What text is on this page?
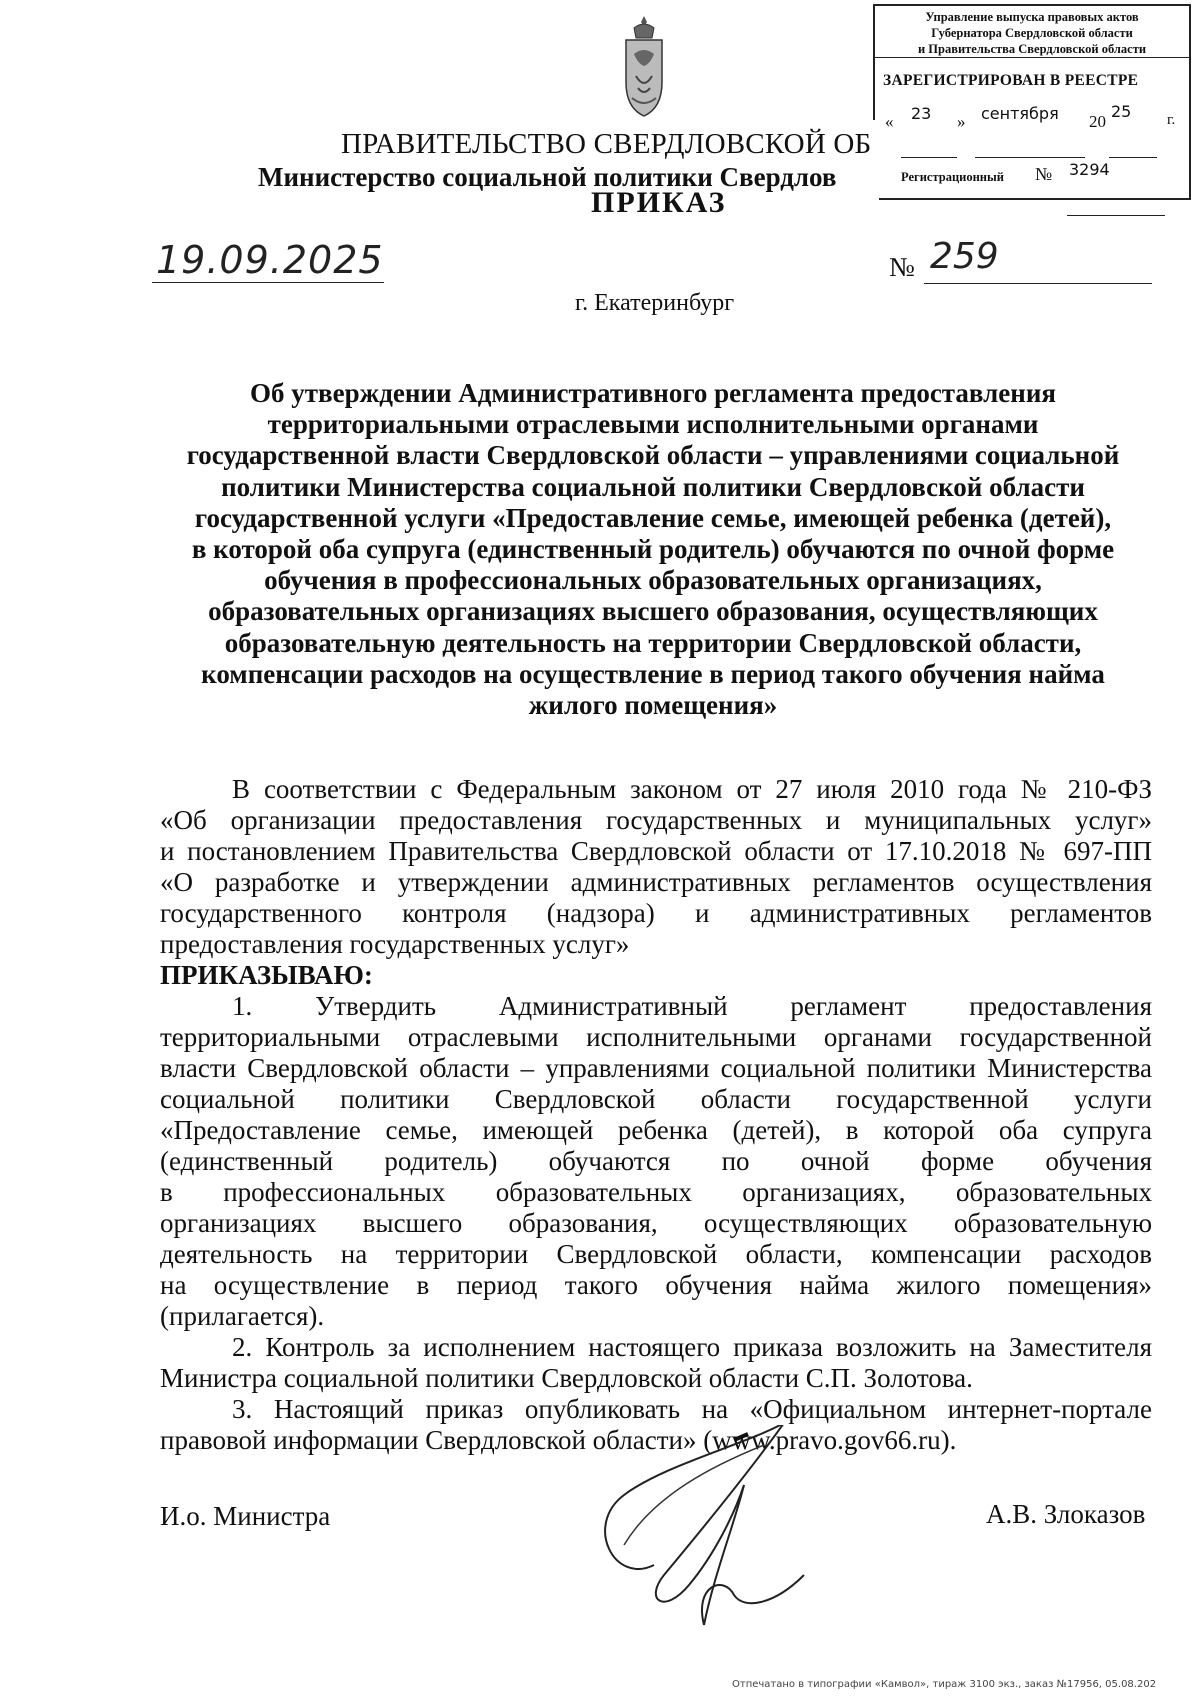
Управление выпуска правовых актов
Губернатора Свердловской области
и Правительства Свердловской области
ЗАРЕГИСТРИРОВАН В РЕЕСТРЕ
« 23 » сентября 20
25 г.
Регистрационный № 3294
ПРАВИТЕЛЬСТВО СВЕРДЛОВСКОЙ ОБ
Министерство социальной политики Свердлов
ПРИКАЗ
19.09.2025	№ 259
г. Екатеринбург
Об утверждении Административного регламента предоставления
территориальными отраслевыми исполнительными органами
государственной власти Свердловской области – управлениями социальной
политики Министерства социальной политики Свердловской области
государственной услуги «Предоставление семье, имеющей ребенка (детей),
в которой оба супруга (единственный родитель) обучаются по очной форме
обучения в профессиональных образовательных организациях,
образовательных организациях высшего образования, осуществляющих
образовательную деятельность на территории Свердловской области,
компенсации расходов на осуществление в период такого обучения найма
жилого помещения»
В соответствии с Федеральным законом от 27 июля 2010 года № 210-ФЗ
«Об организации предоставления государственных и муниципальных услуг»
и постановлением Правительства Свердловской области от 17.10.2018 № 697-ПП
«О разработке и утверждении административных регламентов осуществления
государственного контроля (надзора) и административных регламентов
предоставления государственных услуг»
ПРИКАЗЫВАЮ:
1. Утвердить Административный регламент предоставления
территориальными отраслевыми исполнительными органами государственной
власти Свердловской области – управлениями социальной политики Министерства
социальной политики Свердловской области государственной услуги
«Предоставление семье, имеющей ребенка (детей), в которой оба супруга
(единственный родитель) обучаются по очной форме обучения
в профессиональных образовательных организациях, образовательных
организациях высшего образования, осуществляющих образовательную
деятельность на территории Свердловской области, компенсации расходов
на осуществление в период такого обучения найма жилого помещения»
(прилагается).
2. Контроль за исполнением настоящего приказа возложить на Заместителя
Министра социальной политики Свердловской области С.П. Золотова.
3. Настоящий приказ опубликовать на «Официальном интернет-портале
правовой информации Свердловской области» (www.pravo.gov66.ru).
И.о. Министра	А.В. Злоказов
Отпечатано в типографии «Камвол», тираж 3100 экз., заказ №17956, 05.08.202
